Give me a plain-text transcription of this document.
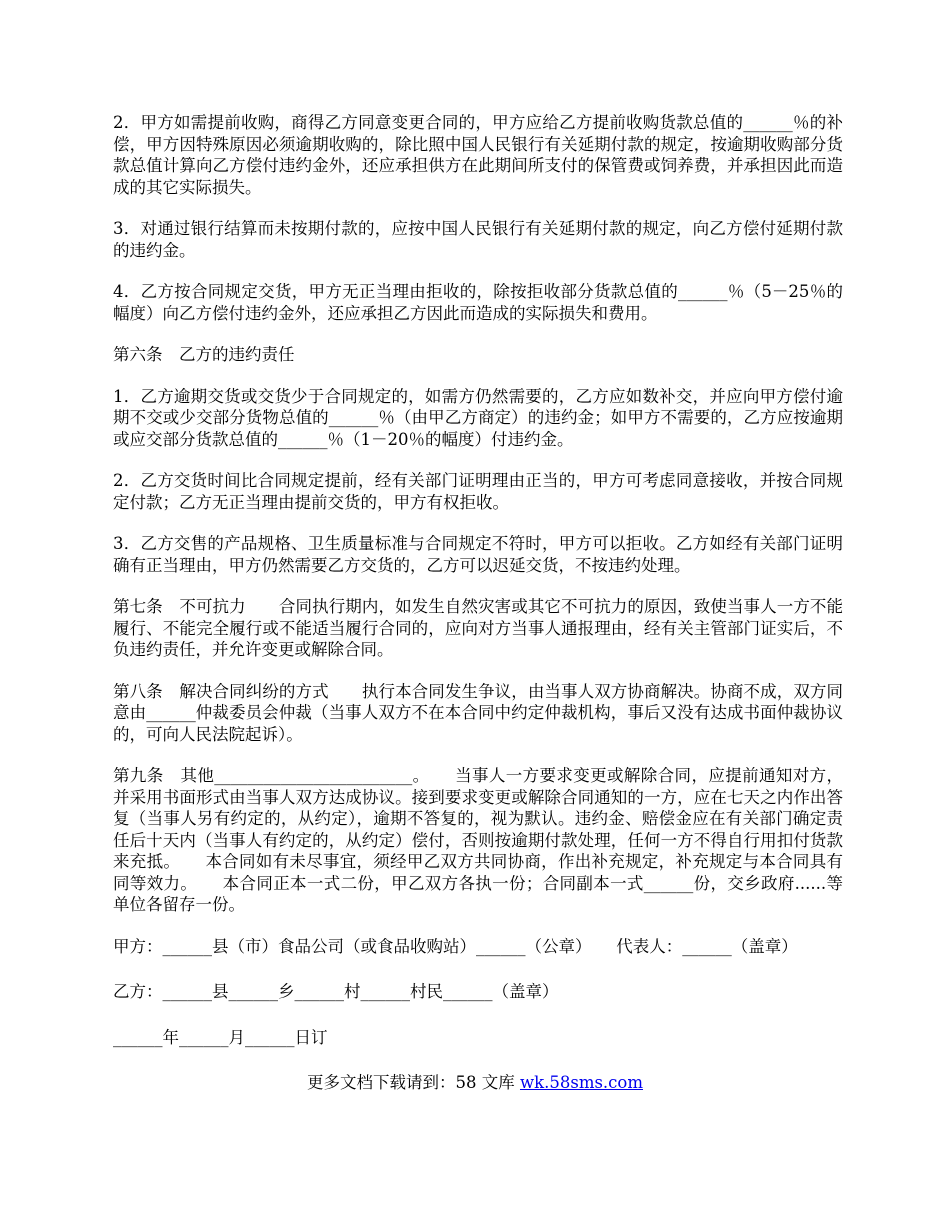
2．甲方如需提前收购，商得乙方同意变更合同的，甲方应给乙方提前收购货款总值的______％的补偿，甲方因特殊原因必须逾期收购的，除比照中国人民银行有关延期付款的规定，按逾期收购部分货款总值计算向乙方偿付违约金外，还应承担供方在此期间所支付的保管费或饲养费，并承担因此而造成的其它实际损失。

3．对通过银行结算而未按期付款的，应按中国人民银行有关延期付款的规定，向乙方偿付延期付款的违约金。

4．乙方按合同规定交货，甲方无正当理由拒收的，除按拒收部分货款总值的______％（5－25％的幅度）向乙方偿付违约金外，还应承担乙方因此而造成的实际损失和费用。

第六条　乙方的违约责任

1．乙方逾期交货或交货少于合同规定的，如需方仍然需要的，乙方应如数补交，并应向甲方偿付逾期不交或少交部分货物总值的______％（由甲乙方商定）的违约金；如甲方不需要的，乙方应按逾期或应交部分货款总值的______％（1－20％的幅度）付违约金。

2．乙方交货时间比合同规定提前，经有关部门证明理由正当的，甲方可考虑同意接收，并按合同规定付款；乙方无正当理由提前交货的，甲方有权拒收。

3．乙方交售的产品规格、卫生质量标准与合同规定不符时，甲方可以拒收。乙方如经有关部门证明确有正当理由，甲方仍然需要乙方交货的，乙方可以迟延交货，不按违约处理。

第七条　不可抗力　　合同执行期内，如发生自然灾害或其它不可抗力的原因，致使当事人一方不能履行、不能完全履行或不能适当履行合同的，应向对方当事人通报理由，经有关主管部门证实后，不负违约责任，并允许变更或解除合同。

第八条　解决合同纠纷的方式　　执行本合同发生争议，由当事人双方协商解决。协商不成，双方同意由______仲裁委员会仲裁（当事人双方不在本合同中约定仲裁机构，事后又没有达成书面仲裁协议的，可向人民法院起诉）。

第九条　其他________________________。　　当事人一方要求变更或解除合同，应提前通知对方，并采用书面形式由当事人双方达成协议。接到要求变更或解除合同通知的一方，应在七天之内作出答复（当事人另有约定的，从约定），逾期不答复的，视为默认。违约金、赔偿金应在有关部门确定责任后十天内（当事人有约定的，从约定）偿付，否则按逾期付款处理，任何一方不得自行用扣付货款来充抵。　　本合同如有未尽事宜，须经甲乙双方共同协商，作出补充规定，补充规定与本合同具有同等效力。　　本合同正本一式二份，甲乙双方各执一份；合同副本一式______份，交乡政府......等单位各留存一份。

甲方：______县（市）食品公司（或食品收购站）______（公章）　　代表人：______（盖章）

乙方：______县______乡______村______村民______（盖章）

______年______月______日订

更多文档下载请到：58 文库 wk.58sms.com
